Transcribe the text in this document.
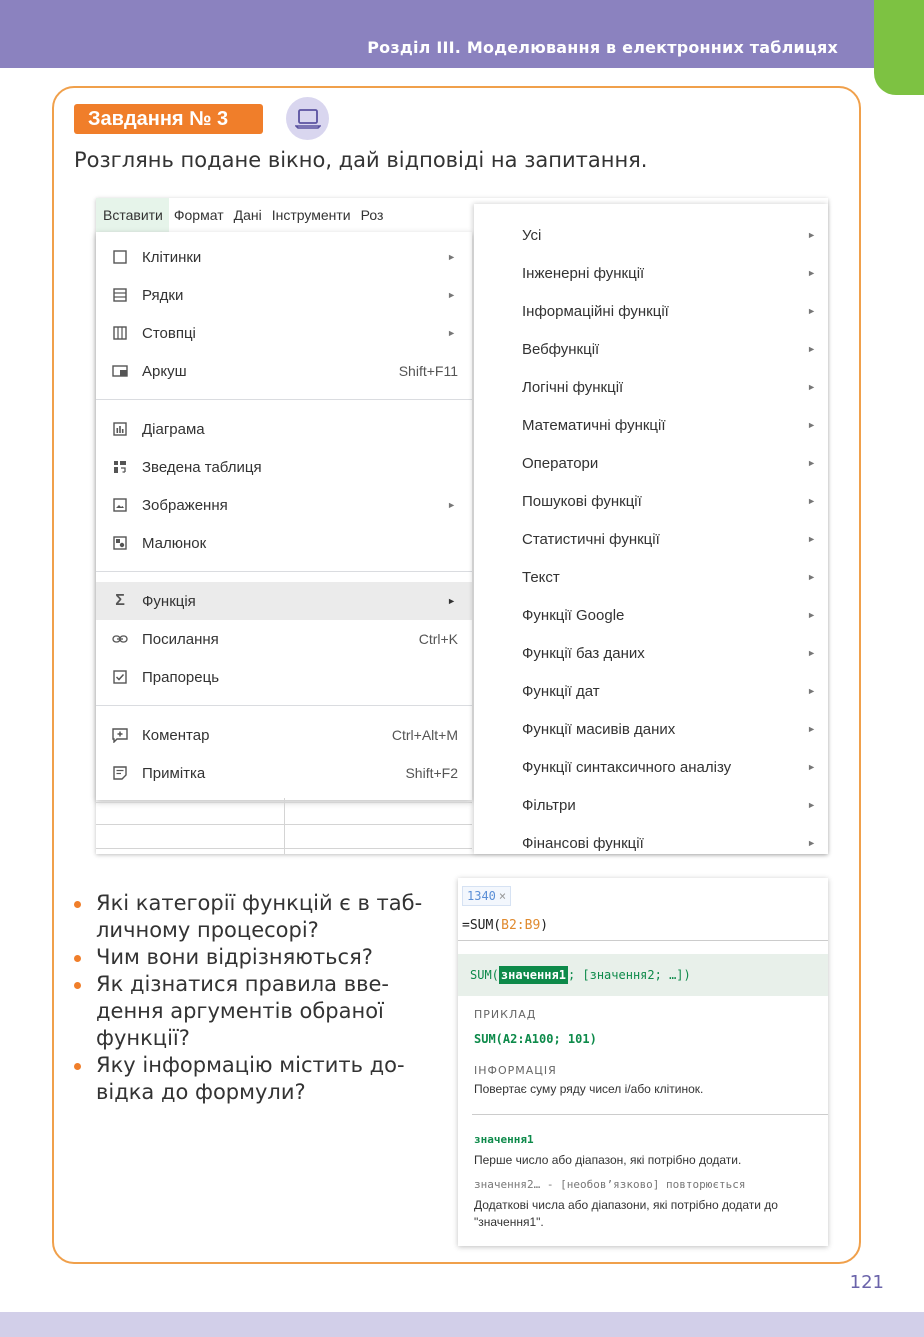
Розділ ІІІ. Моделювання в електронних таблицях
Завдання № 3
Розглянь подане вікно, дай відповіді на запитання.
Вставити Формат Дані Інструменти Роз
Клітинки	►
Рядки	►
Стовпці	►
Аркуш	Shift+F11
Діаграма
Зведена таблиця
Зображення	►
Малюнок
Σ	Функція	►
Посилання	Ctrl+K
Прапорець
Коментар	Ctrl+Alt+M
Примітка	Shift+F2
Усі	►
Інженерні функції	►
Інформаційні функції	►
Вебфункції	►
Логічні функції	►
Математичні функції	►
Оператори	►
Пошукові функції	►
Статистичні функції	►
Текст	►
Функції Google	►
Функції баз даних	►
Функції дат	►
Функції масивів даних	►
Функції синтаксичного аналізу	►
Фільтри	►
Фінансові функції	►
Які категорії функцій є в таб-личному процесорі?
Чим вони відрізняються?
Як дізнатися правила вве-дення аргументів обраної функції?
Яку інформацію містить до-відка до формули?
1340 ×
=SUM(B2:B9)
SUM( значення1 ; [значення2; …])
ПРИКЛАД
SUM(A2:A100; 101)
ІНФОРМАЦІЯ
Повертає суму ряду чисел і/або клітинок.
значення1
Перше число або діапазон, які потрібно додати.
значення2… - [необов’язково] повторюється
Додаткові числа або діапазони, які потрібно додати до "значення1".
121
